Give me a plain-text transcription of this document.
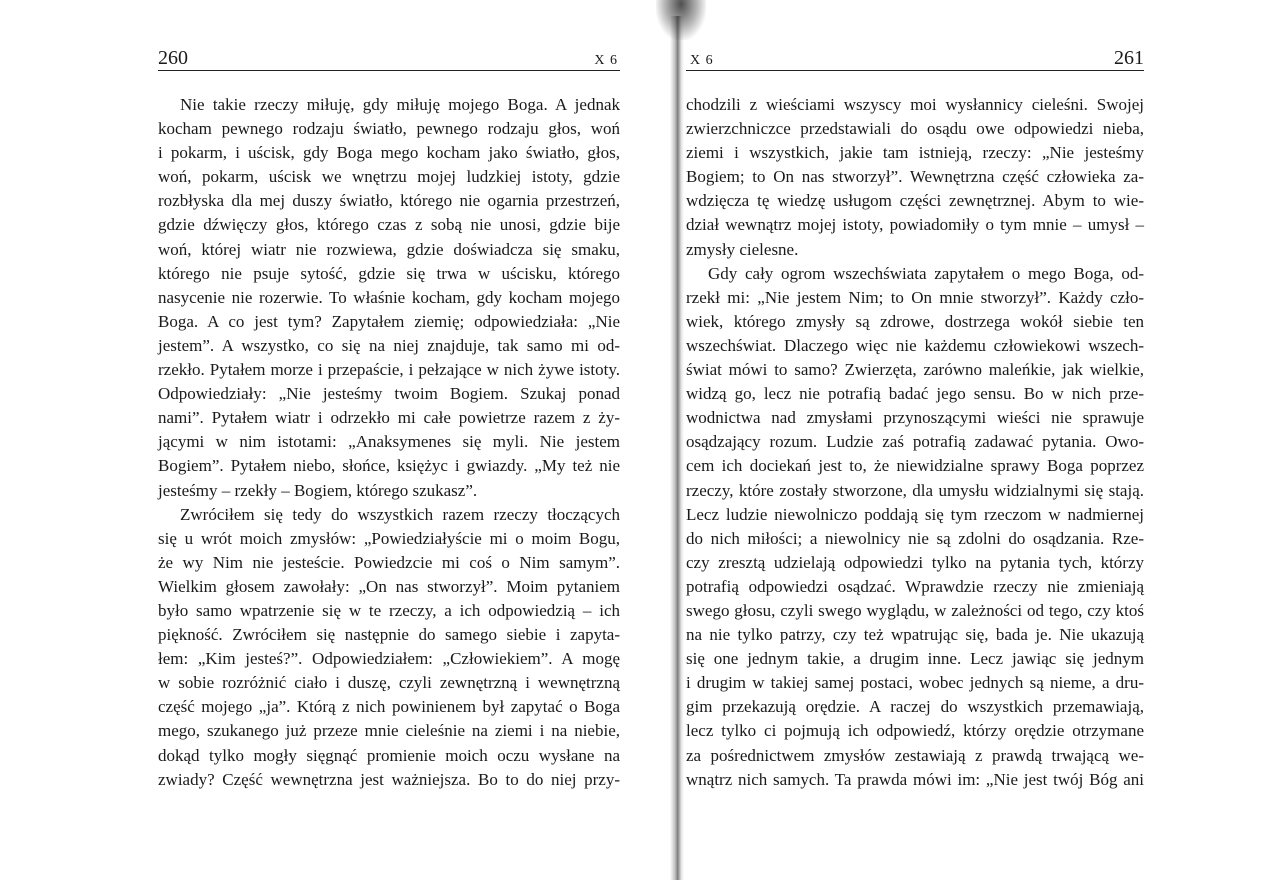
260	X 6
Nie takie rzeczy miłuję, gdy miłuję mojego Boga. A jednak
kocham pewnego rodzaju światło, pewnego rodzaju głos, woń
i pokarm, i uścisk, gdy Boga mego kocham jako światło, głos,
woń, pokarm, uścisk we wnętrzu mojej ludzkiej istoty, gdzie
rozbłyska dla mej duszy światło, którego nie ogarnia przestrzeń,
gdzie dźwięczy głos, którego czas z sobą nie unosi, gdzie bije
woń, której wiatr nie rozwiewa, gdzie doświadcza się smaku,
którego nie psuje sytość, gdzie się trwa w uścisku, którego
nasycenie nie rozerwie. To właśnie kocham, gdy kocham mojego
Boga. A co jest tym? Zapytałem ziemię; odpowiedziała: „Nie
jestem”. A wszystko, co się na niej znajduje, tak samo mi od-
rzekło. Pytałem morze i przepaście, i pełzające w nich żywe istoty.
Odpowiedziały: „Nie jesteśmy twoim Bogiem. Szukaj ponad
nami”. Pytałem wiatr i odrzekło mi całe powietrze razem z ży-
jącymi w nim istotami: „Anaksymenes się myli. Nie jestem
Bogiem”. Pytałem niebo, słońce, księżyc i gwiazdy. „My też nie
jesteśmy – rzekły – Bogiem, którego szukasz”.
Zwróciłem się tedy do wszystkich razem rzeczy tłoczących
się u wrót moich zmysłów: „Powiedziałyście mi o moim Bogu,
że wy Nim nie jesteście. Powiedzcie mi coś o Nim samym”.
Wielkim głosem zawołały: „On nas stworzył”. Moim pytaniem
było samo wpatrzenie się w te rzeczy, a ich odpowiedzią – ich
piękność. Zwróciłem się następnie do samego siebie i zapyta-
łem: „Kim jesteś?”. Odpowiedziałem: „Człowiekiem”. A mogę
w sobie rozróżnić ciało i duszę, czyli zewnętrzną i wewnętrzną
część mojego „ja”. Którą z nich powinienem był zapytać o Boga
mego, szukanego już przeze mnie cieleśnie na ziemi i na niebie,
dokąd tylko mogły sięgnąć promienie moich oczu wysłane na
zwiady? Część wewnętrzna jest ważniejsza. Bo to do niej przy-
X 6	261
chodzili z wieściami wszyscy moi wysłannicy cieleśni. Swojej
zwierzchniczce przedstawiali do osądu owe odpowiedzi nieba,
ziemi i wszystkich, jakie tam istnieją, rzeczy: „Nie jesteśmy
Bogiem; to On nas stworzył”. Wewnętrzna część człowieka za-
wdzięcza tę wiedzę usługom części zewnętrznej. Abym to wie-
dział wewnątrz mojej istoty, powiadomiły o tym mnie – umysł –
zmysły cielesne.
Gdy cały ogrom wszechświata zapytałem o mego Boga, od-
rzekł mi: „Nie jestem Nim; to On mnie stworzył”. Każdy czło-
wiek, którego zmysły są zdrowe, dostrzega wokół siebie ten
wszechświat. Dlaczego więc nie każdemu człowiekowi wszech-
świat mówi to samo? Zwierzęta, zarówno maleńkie, jak wielkie,
widzą go, lecz nie potrafią badać jego sensu. Bo w nich prze-
wodnictwa nad zmysłami przynoszącymi wieści nie sprawuje
osądzający rozum. Ludzie zaś potrafią zadawać pytania. Owo-
cem ich dociekań jest to, że niewidzialne sprawy Boga poprzez
rzeczy, które zostały stworzone, dla umysłu widzialnymi się stają.
Lecz ludzie niewolniczo poddają się tym rzeczom w nadmiernej
do nich miłości; a niewolnicy nie są zdolni do osądzania. Rze-
czy zresztą udzielają odpowiedzi tylko na pytania tych, którzy
potrafią odpowiedzi osądzać. Wprawdzie rzeczy nie zmieniają
swego głosu, czyli swego wyglądu, w zależności od tego, czy ktoś
na nie tylko patrzy, czy też wpatrując się, bada je. Nie ukazują
się one jednym takie, a drugim inne. Lecz jawiąc się jednym
i drugim w takiej samej postaci, wobec jednych są nieme, a dru-
gim przekazują orędzie. A raczej do wszystkich przemawiają,
lecz tylko ci pojmują ich odpowiedź, którzy orędzie otrzymane
za pośrednictwem zmysłów zestawiają z prawdą trwającą we-
wnątrz nich samych. Ta prawda mówi im: „Nie jest twój Bóg ani
